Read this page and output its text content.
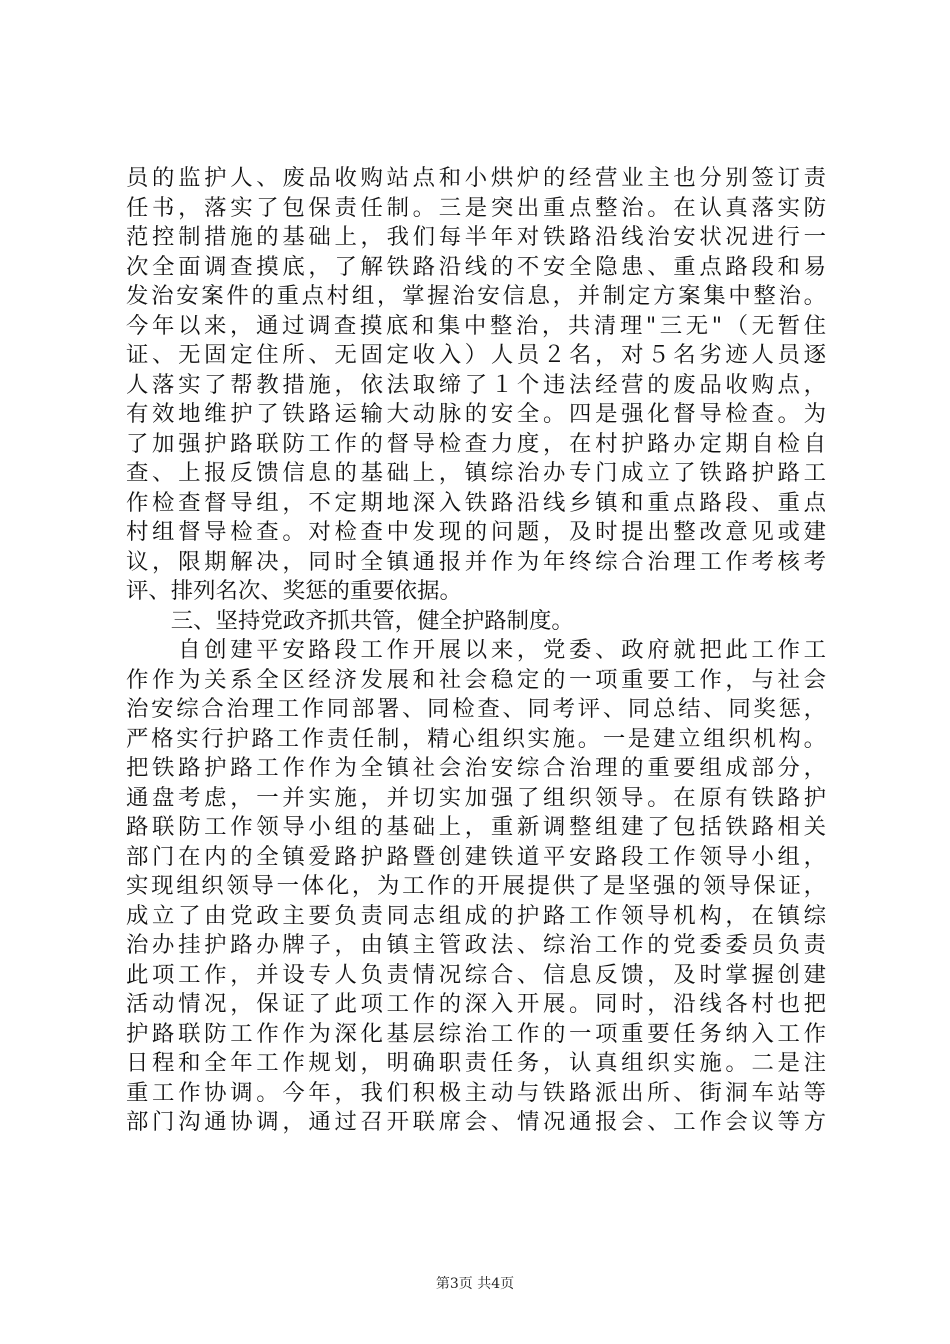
员的监护人、废品收购站点和小烘炉的经营业主也分别签订责
任书，落实了包保责任制。三是突出重点整治。在认真落实防
范控制措施的基础上，我们每半年对铁路沿线治安状况进行一
次全面调查摸底，了解铁路沿线的不安全隐患、重点路段和易
发治安案件的重点村组，掌握治安信息，并制定方案集中整治。
今年以来，通过调查摸底和集中整治，共清理"三无"（无暂住
证、无固定住所、无固定收入）人员２名，对５名劣迹人员逐
人落实了帮教措施，依法取缔了１个违法经营的废品收购点，
有效地维护了铁路运输大动脉的安全。四是强化督导检查。为
了加强护路联防工作的督导检查力度，在村护路办定期自检自
查、上报反馈信息的基础上，镇综治办专门成立了铁路护路工
作检查督导组，不定期地深入铁路沿线乡镇和重点路段、重点
村组督导检查。对检查中发现的问题，及时提出整改意见或建
议，限期解决，同时全镇通报并作为年终综合治理工作考核考
评、排列名次、奖惩的重要依据。
　　三、坚持党政齐抓共管，健全护路制度。
　　自创建平安路段工作开展以来，党委、政府就把此工作工
作作为关系全区经济发展和社会稳定的一项重要工作，与社会
治安综合治理工作同部署、同检查、同考评、同总结、同奖惩，
严格实行护路工作责任制，精心组织实施。一是建立组织机构。
把铁路护路工作作为全镇社会治安综合治理的重要组成部分，
通盘考虑，一并实施，并切实加强了组织领导。在原有铁路护
路联防工作领导小组的基础上，重新调整组建了包括铁路相关
部门在内的全镇爱路护路暨创建铁道平安路段工作领导小组，
实现组织领导一体化，为工作的开展提供了是坚强的领导保证，
成立了由党政主要负责同志组成的护路工作领导机构，在镇综
治办挂护路办牌子，由镇主管政法、综治工作的党委委员负责
此项工作，并设专人负责情况综合、信息反馈，及时掌握创建
活动情况，保证了此项工作的深入开展。同时，沿线各村也把
护路联防工作作为深化基层综治工作的一项重要任务纳入工作
日程和全年工作规划，明确职责任务，认真组织实施。二是注
重工作协调。今年，我们积极主动与铁路派出所、街洞车站等
部门沟通协调，通过召开联席会、情况通报会、工作会议等方
第3页 共4页
